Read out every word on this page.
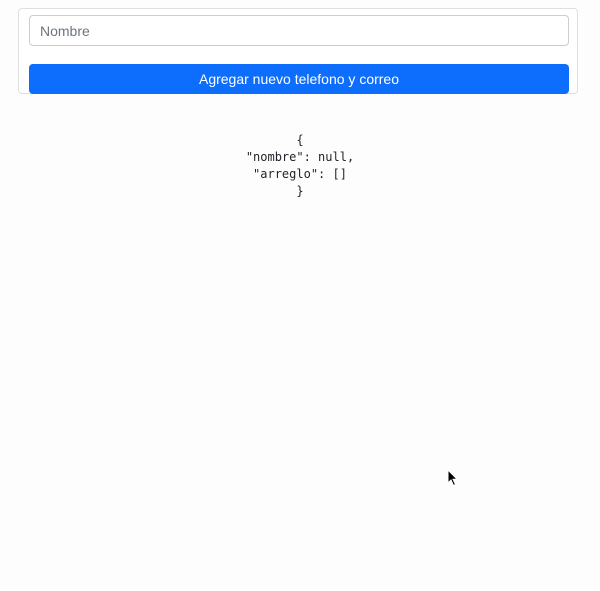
Nombre
Agregar nuevo telefono y correo
{
"nombre": null,
"arreglo": []
}
